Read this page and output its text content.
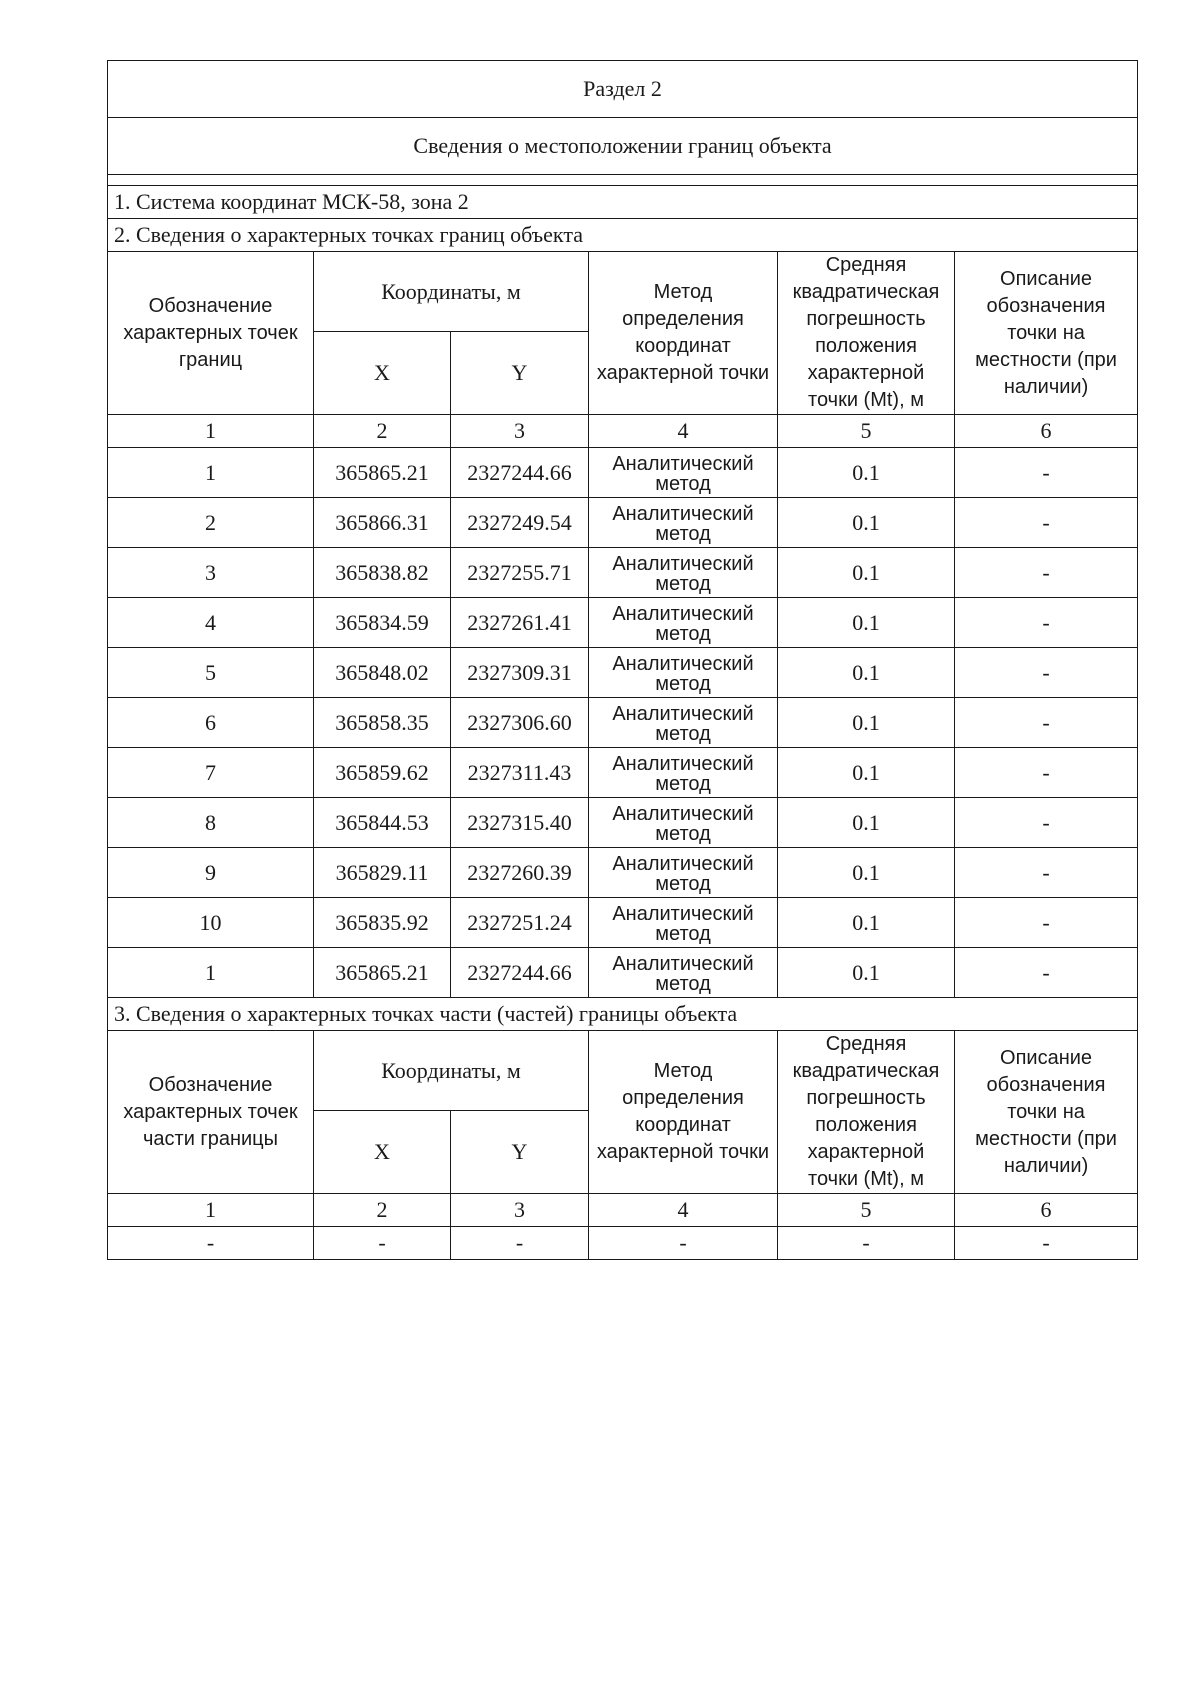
Раздел 2					
Сведения о местоположении границ объекта					

1. Система координат МСК-58, зона 2					
2. Сведения о характерных точках границ объекта					
Обозначение характерных точек границ	Координаты, м		Метод определения координат характерной точки	Средняя квадратическая погрешность положения характерной точки (Mt), м	Описание обозначения точки на местности (при наличии)
	X	Y			
1	2	3	4	5	6
1	365865.21	2327244.66	Аналитический метод	0.1	-
2	365866.31	2327249.54	Аналитический метод	0.1	-
3	365838.82	2327255.71	Аналитический метод	0.1	-
4	365834.59	2327261.41	Аналитический метод	0.1	-
5	365848.02	2327309.31	Аналитический метод	0.1	-
6	365858.35	2327306.60	Аналитический метод	0.1	-
7	365859.62	2327311.43	Аналитический метод	0.1	-
8	365844.53	2327315.40	Аналитический метод	0.1	-
9	365829.11	2327260.39	Аналитический метод	0.1	-
10	365835.92	2327251.24	Аналитический метод	0.1	-
1	365865.21	2327244.66	Аналитический метод	0.1	-
3. Сведения о характерных точках части (частей) границы объекта					
Обозначение характерных точек части границы	Координаты, м		Метод определения координат характерной точки	Средняя квадратическая погрешность положения характерной точки (Mt), м	Описание обозначения точки на местности (при наличии)
	X	Y			
1	2	3	4	5	6
-	-	-	-	-	-
